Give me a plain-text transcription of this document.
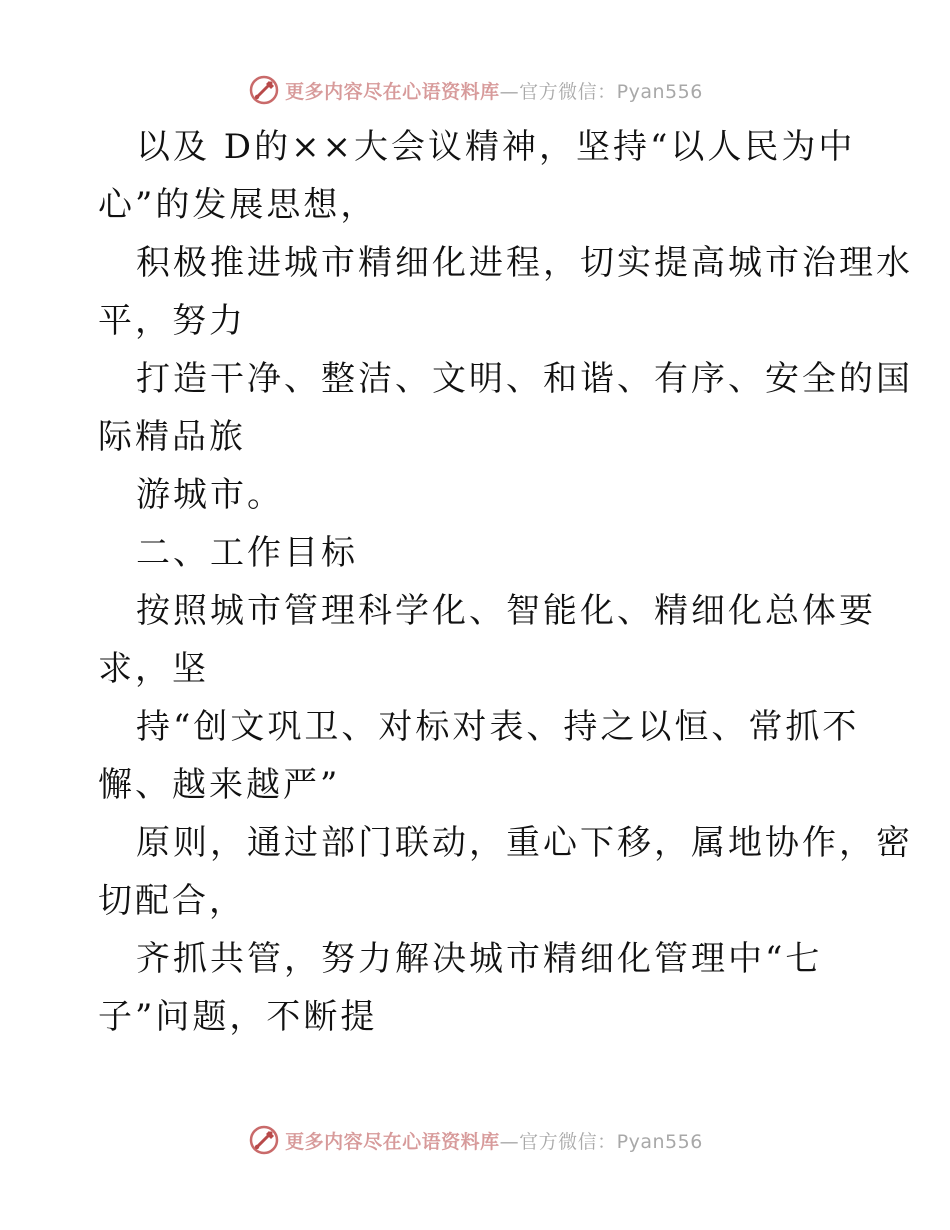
更多内容尽在心语资料库 —官方微信：Pyan556
以及 D的××大会议精神，坚持“以人民为中
心”的发展思想，
积极推进城市精细化进程，切实提高城市治理水
平，努力
打造干净、整洁、文明、和谐、有序、安全的国
际精品旅
游城市。
二、工作目标
按照城市管理科学化、智能化、精细化总体要
求，坚
持“创文巩卫、对标对表、持之以恒、常抓不
懈、越来越严”
原则，通过部门联动，重心下移，属地协作，密
切配合，
齐抓共管，努力解决城市精细化管理中“七
子”问题，不断提
更多内容尽在心语资料库 —官方微信：Pyan556
